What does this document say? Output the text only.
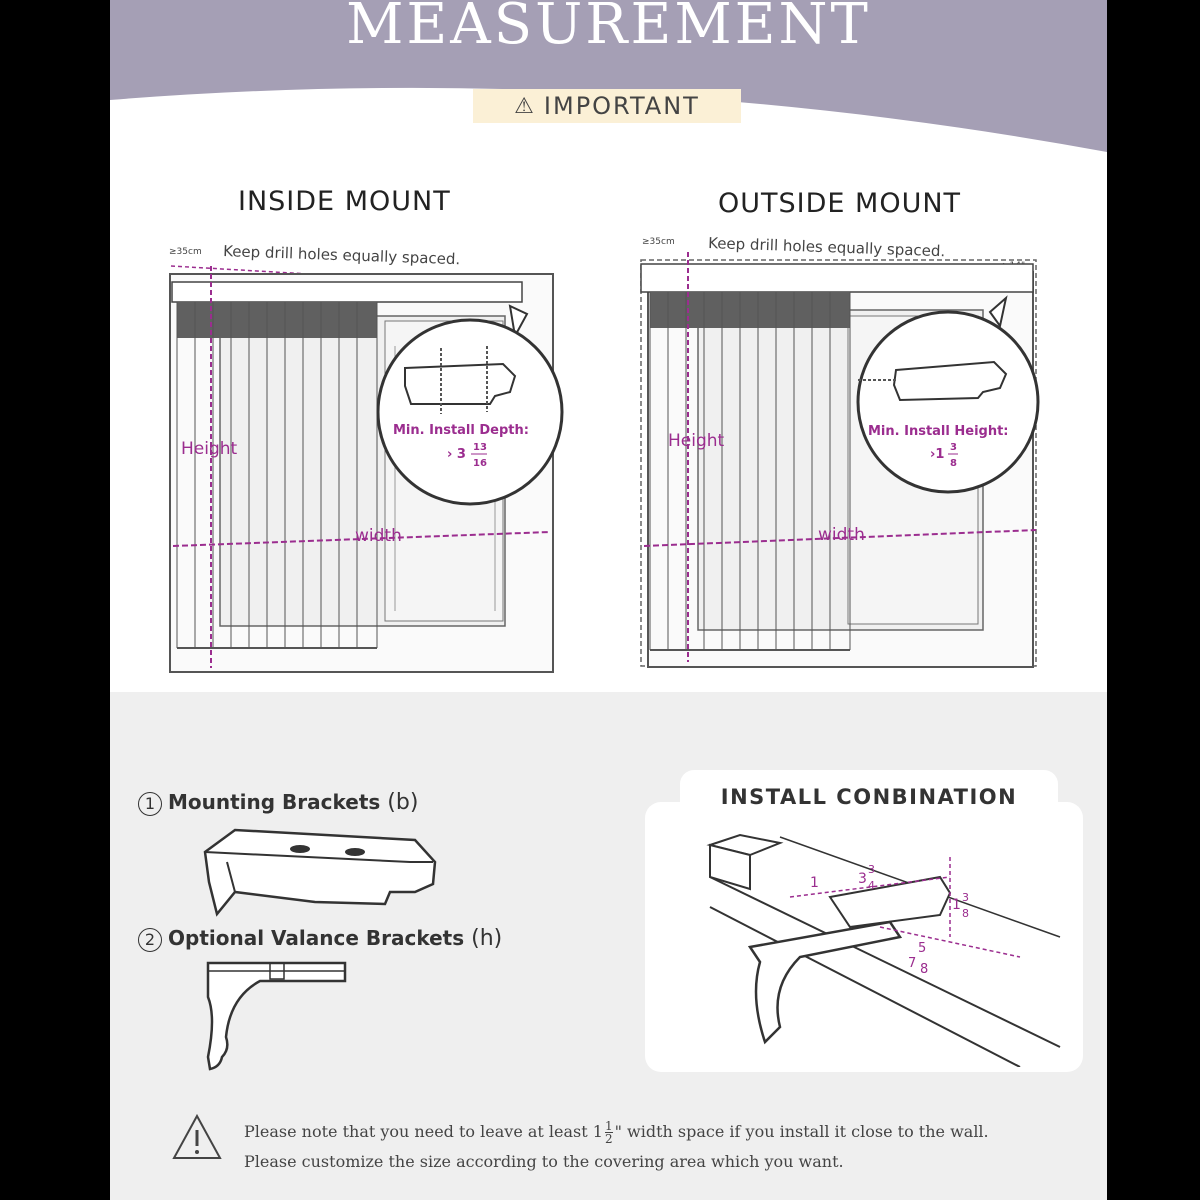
MEASUREMENT
⚠ IMPORTANT
INSIDE MOUNT
≥35cm Keep drill holes equally spaced.
Height
width
Min. Install Depth:
› 3 13
16
OUTSIDE MOUNT
≥35cm Keep drill holes equally spaced.
Height
width
Min. Install Height:
›1 3
8
1 Mounting Brackets (b)
2 Optional Valance Brackets (h)
INSTALL CONBINATION
1	3
3
4
1 3
8
5
7 8
Please note that you need to leave at least $1 \frac{1}{2}$ " width space if you install it close to the wall.
Please customize the size according to the covering area which you want.
